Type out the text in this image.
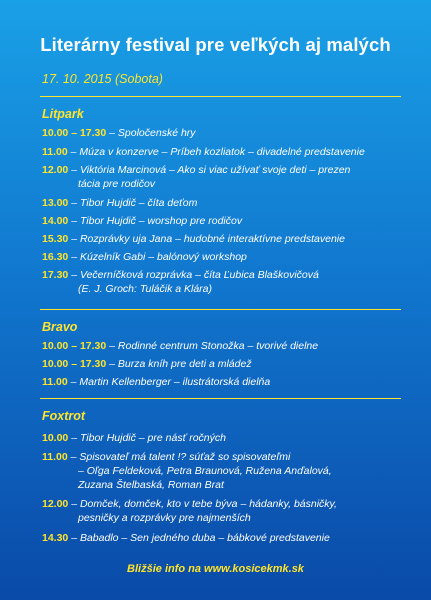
Literárny festival pre veľkých aj malých
17. 10. 2015 (Sobota)
Litpark
10.00 – 17.30 – Spoločenské hry
11.00 – Múza v konzerve – Príbeh kozliatok – divadelné predstavenie
12.00 – Viktória Marcinová – Ako si viac užívať svoje deti – prezen
tácia pre rodičov
13.00 – Tibor Hujdič – číta deťom
14.00 – Tibor Hujdič – worshop pre rodičov
15.30 – Rozprávky uja Jana – hudobné interaktívne predstavenie
16.30 – Kúzelník Gabi – balónový workshop
17.30 – Večerníčková rozprávka – číta Ľubica Blaškovičová
(E. J. Groch: Tuláčik a Klára)
Bravo
10.00 – 17.30 – Rodinné centrum Stonožka – tvorivé dielne
10.00 – 17.30 – Burza kníh pre deti a mládež
11.00 – Martin Kellenberger – ilustrátorská dielňa
Foxtrot
10.00 – Tibor Hujdič – pre násť ročných
11.00 – Spisovateľ má talent !? súťaž so spisovateľmi
– Oľga Feldeková, Petra Braunová, Ružena Anďalová,
Zuzana Štelbaská, Roman Brat
12.00 – Domček, domček, kto v tebe býva – hádanky, básničky,
pesničky a rozprávky pre najmenších
14.30 – Babadlo – Sen jedného duba – bábkové predstavenie
Bližšie info na www.kosicekmk.sk
